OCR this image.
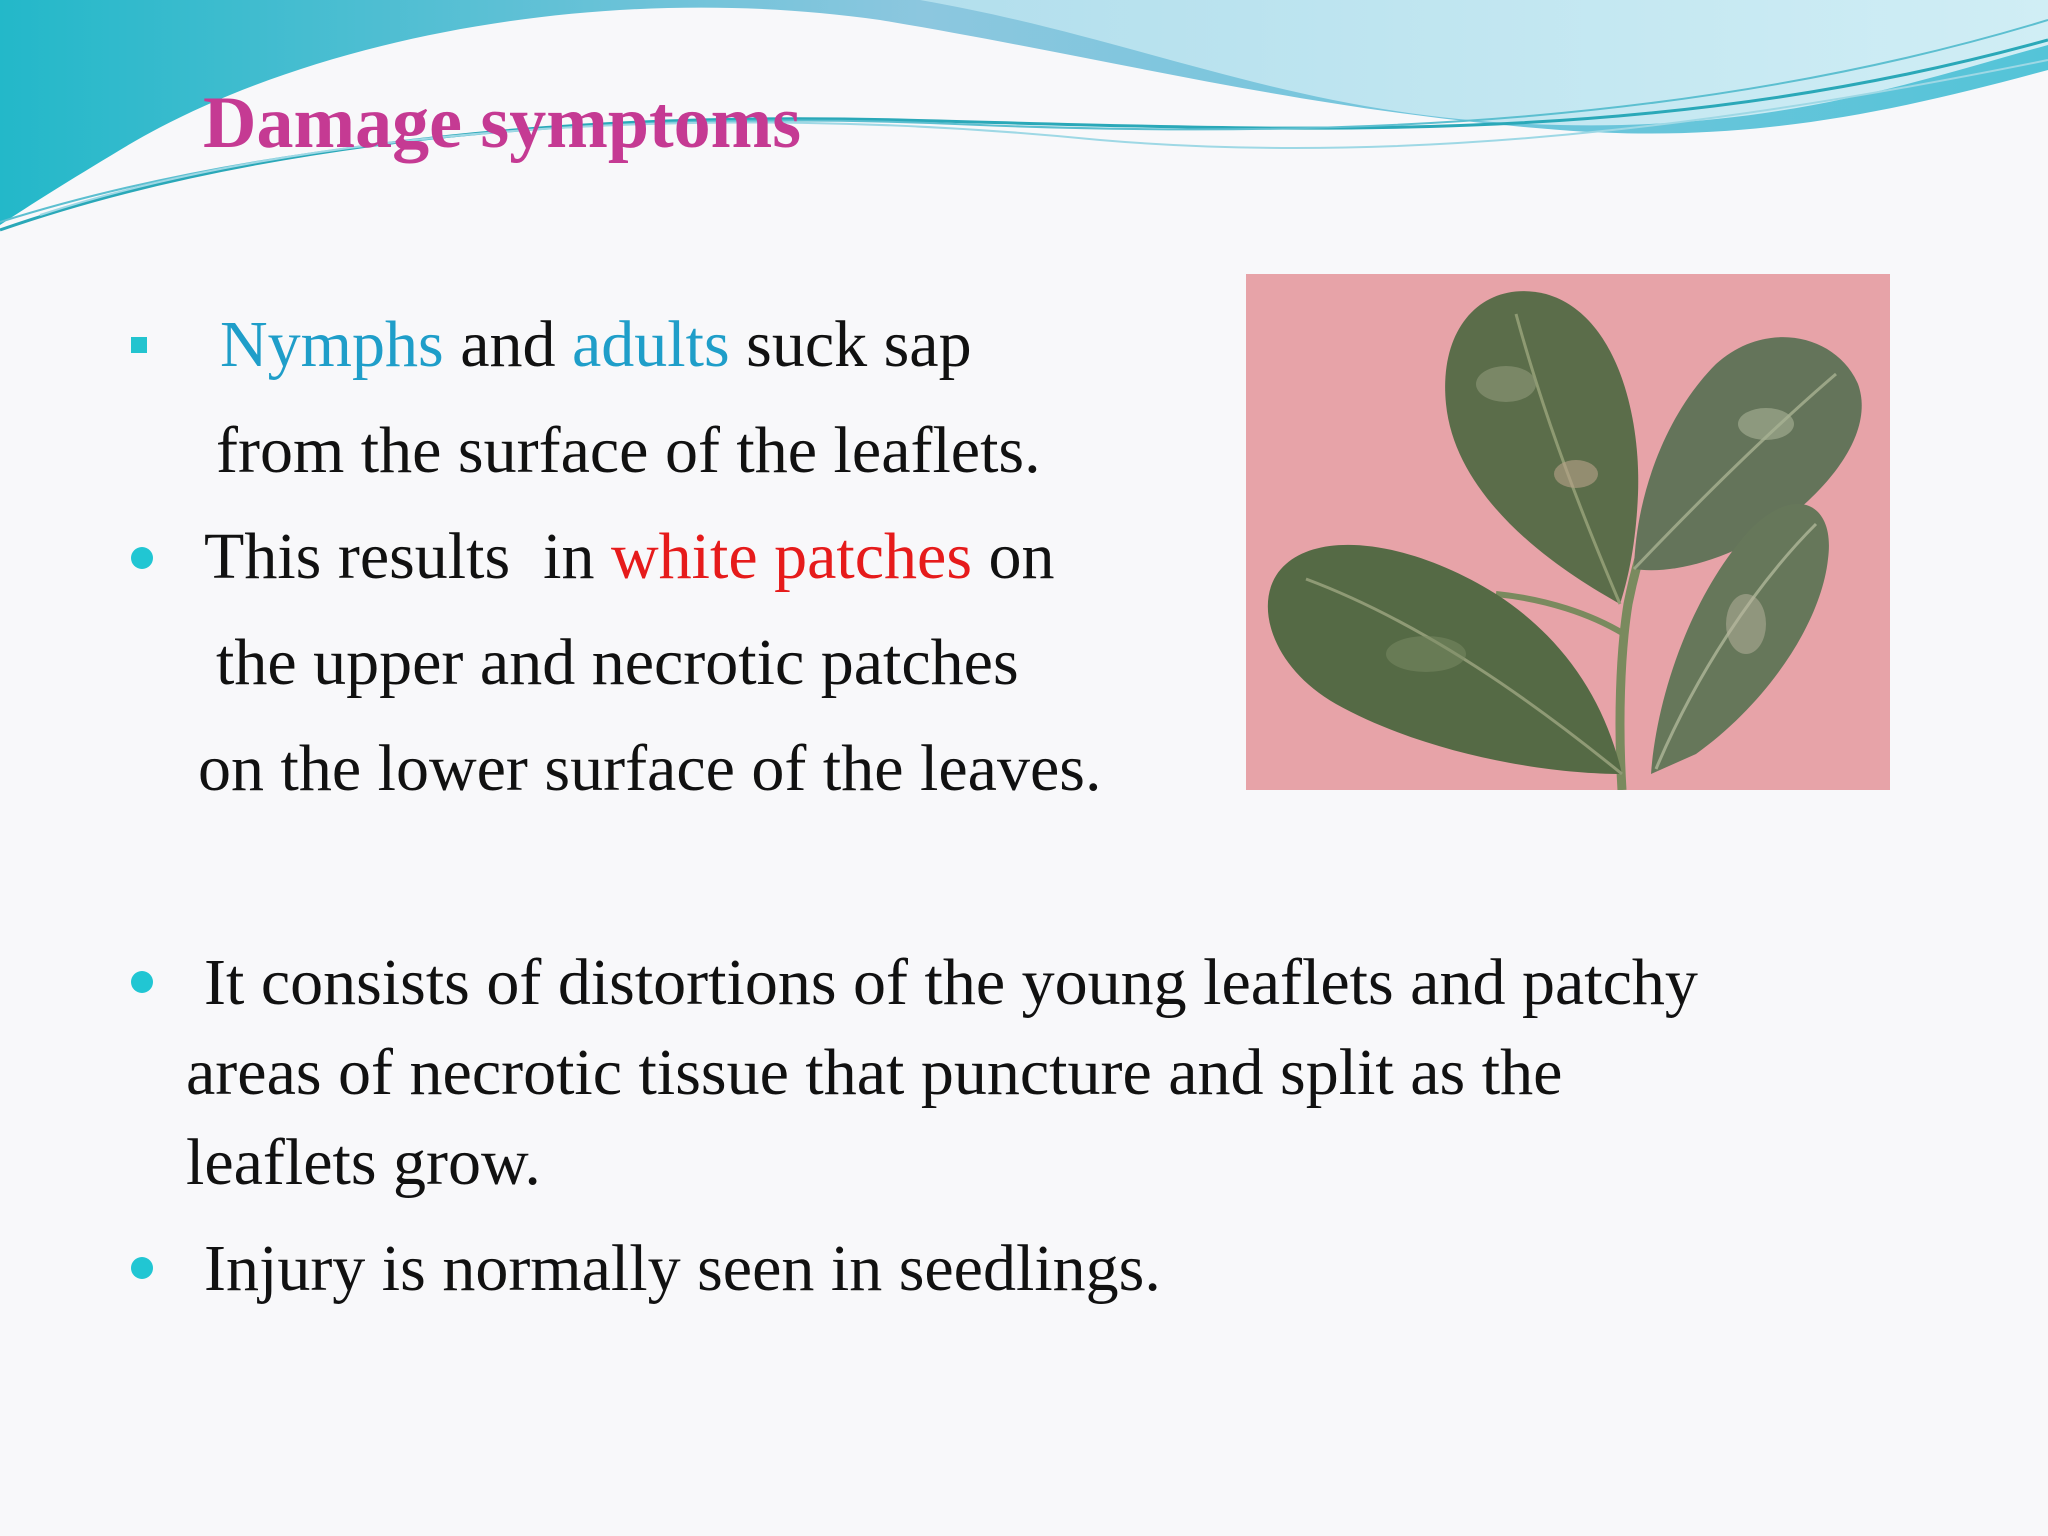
Damage symptoms
Nymphs and adults suck sap
from the surface of the leaflets.
This results  in white patches on
the upper and necrotic patches
on the lower surface of the leaves.
It consists of distortions of the young leaflets and patchy
areas of necrotic tissue that puncture and split as the
leaflets grow.
Injury is normally seen in seedlings.
